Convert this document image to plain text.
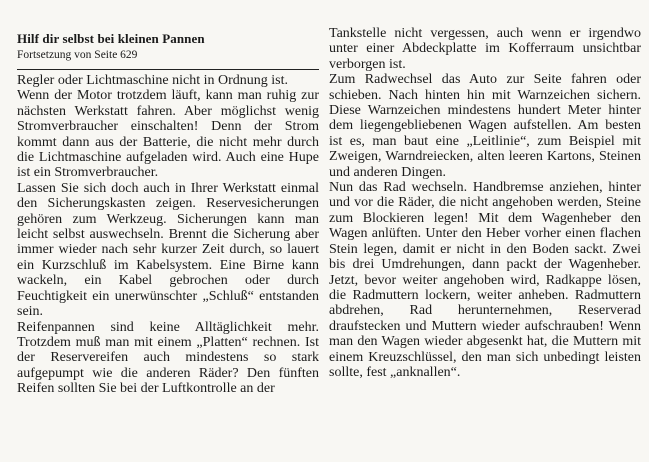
Hilf dir selbst bei kleinen Pannen
Fortsetzung von Seite 629

Regler oder Lichtmaschine nicht in Ordnung ist.

Wenn der Motor trotzdem läuft, kann man ruhig zur nächsten Werkstatt fahren. Aber möglichst wenig Stromverbraucher einschalten! Denn der Strom kommt dann aus der Batterie, die nicht mehr durch die Lichtmaschine aufgeladen wird. Auch eine Hupe ist ein Stromverbraucher.

Lassen Sie sich doch auch in Ihrer Werkstatt einmal den Sicherungskasten zeigen. Reservesicherungen gehören zum Werkzeug. Sicherungen kann man leicht selbst auswechseln. Brennt die Sicherung aber immer wieder nach sehr kurzer Zeit durch, so lauert ein Kurzschluß im Kabelsystem. Eine Birne kann wackeln, ein Kabel gebrochen oder durch Feuchtigkeit ein unerwünschter „Schluß“ entstanden sein.

Reifenpannen sind keine Alltäglichkeit mehr. Trotzdem muß man mit einem „Platten“ rechnen. Ist der Reservereifen auch mindestens so stark aufgepumpt wie die anderen Räder? Den fünften Reifen sollten Sie bei der Luftkontrolle an der

Tankstelle nicht vergessen, auch wenn er irgendwo unter einer Abdeckplatte im Kofferraum unsichtbar verborgen ist.

Zum Radwechsel das Auto zur Seite fahren oder schieben. Nach hinten hin mit Warnzeichen sichern. Diese Warnzeichen mindestens hundert Meter hinter dem liegengebliebenen Wagen aufstellen. Am besten ist es, man baut eine „Leitlinie“, zum Beispiel mit Zweigen, Warndreiecken, alten leeren Kartons, Steinen und anderen Dingen.

Nun das Rad wechseln. Handbremse anziehen, hinter und vor die Räder, die nicht angehoben werden, Steine zum Blockieren legen! Mit dem Wagenheber den Wagen anlüften. Unter den Heber vorher einen flachen Stein legen, damit er nicht in den Boden sackt. Zwei bis drei Umdrehungen, dann packt der Wagenheber. Jetzt, bevor weiter angehoben wird, Radkappe lösen, die Radmuttern lockern, weiter anheben. Radmuttern abdrehen, Rad herunternehmen, Reserverad draufstecken und Muttern wieder aufschrauben! Wenn man den Wagen wieder abgesenkt hat, die Muttern mit einem Kreuzschlüssel, den man sich unbedingt leisten sollte, fest „anknallen“.
